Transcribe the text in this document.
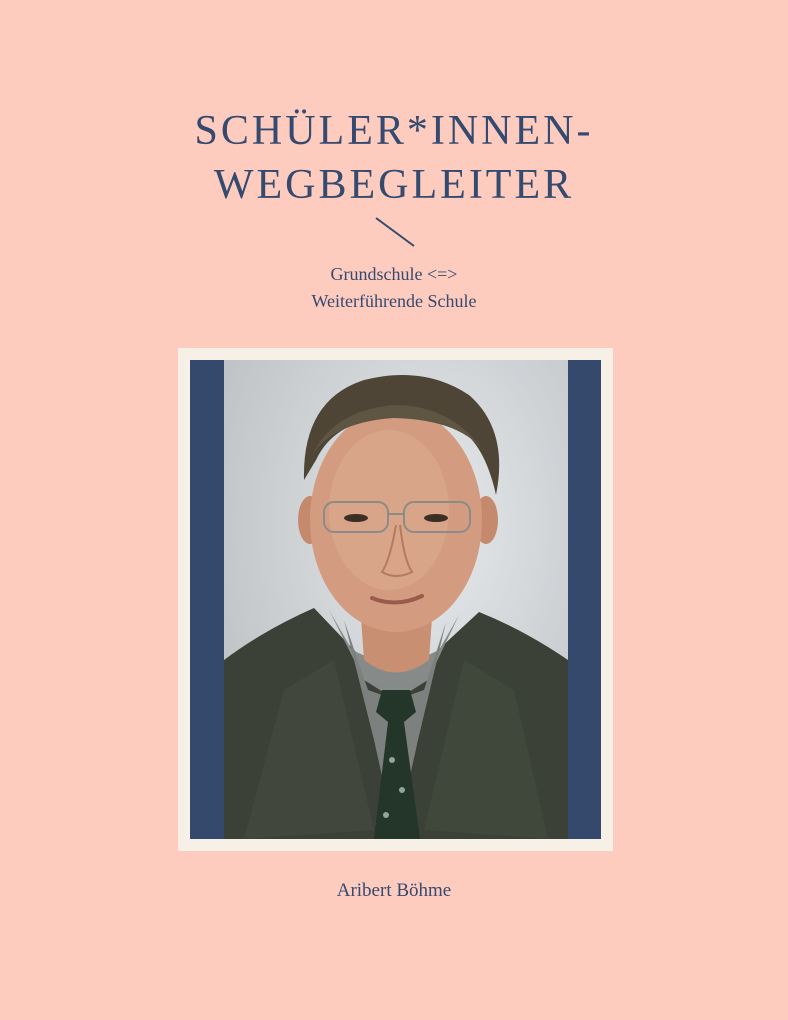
SCHÜLER*INNEN-
WEGBEGLEITER
Grundschule <=>
Weiterführende Schule
Aribert Böhme
